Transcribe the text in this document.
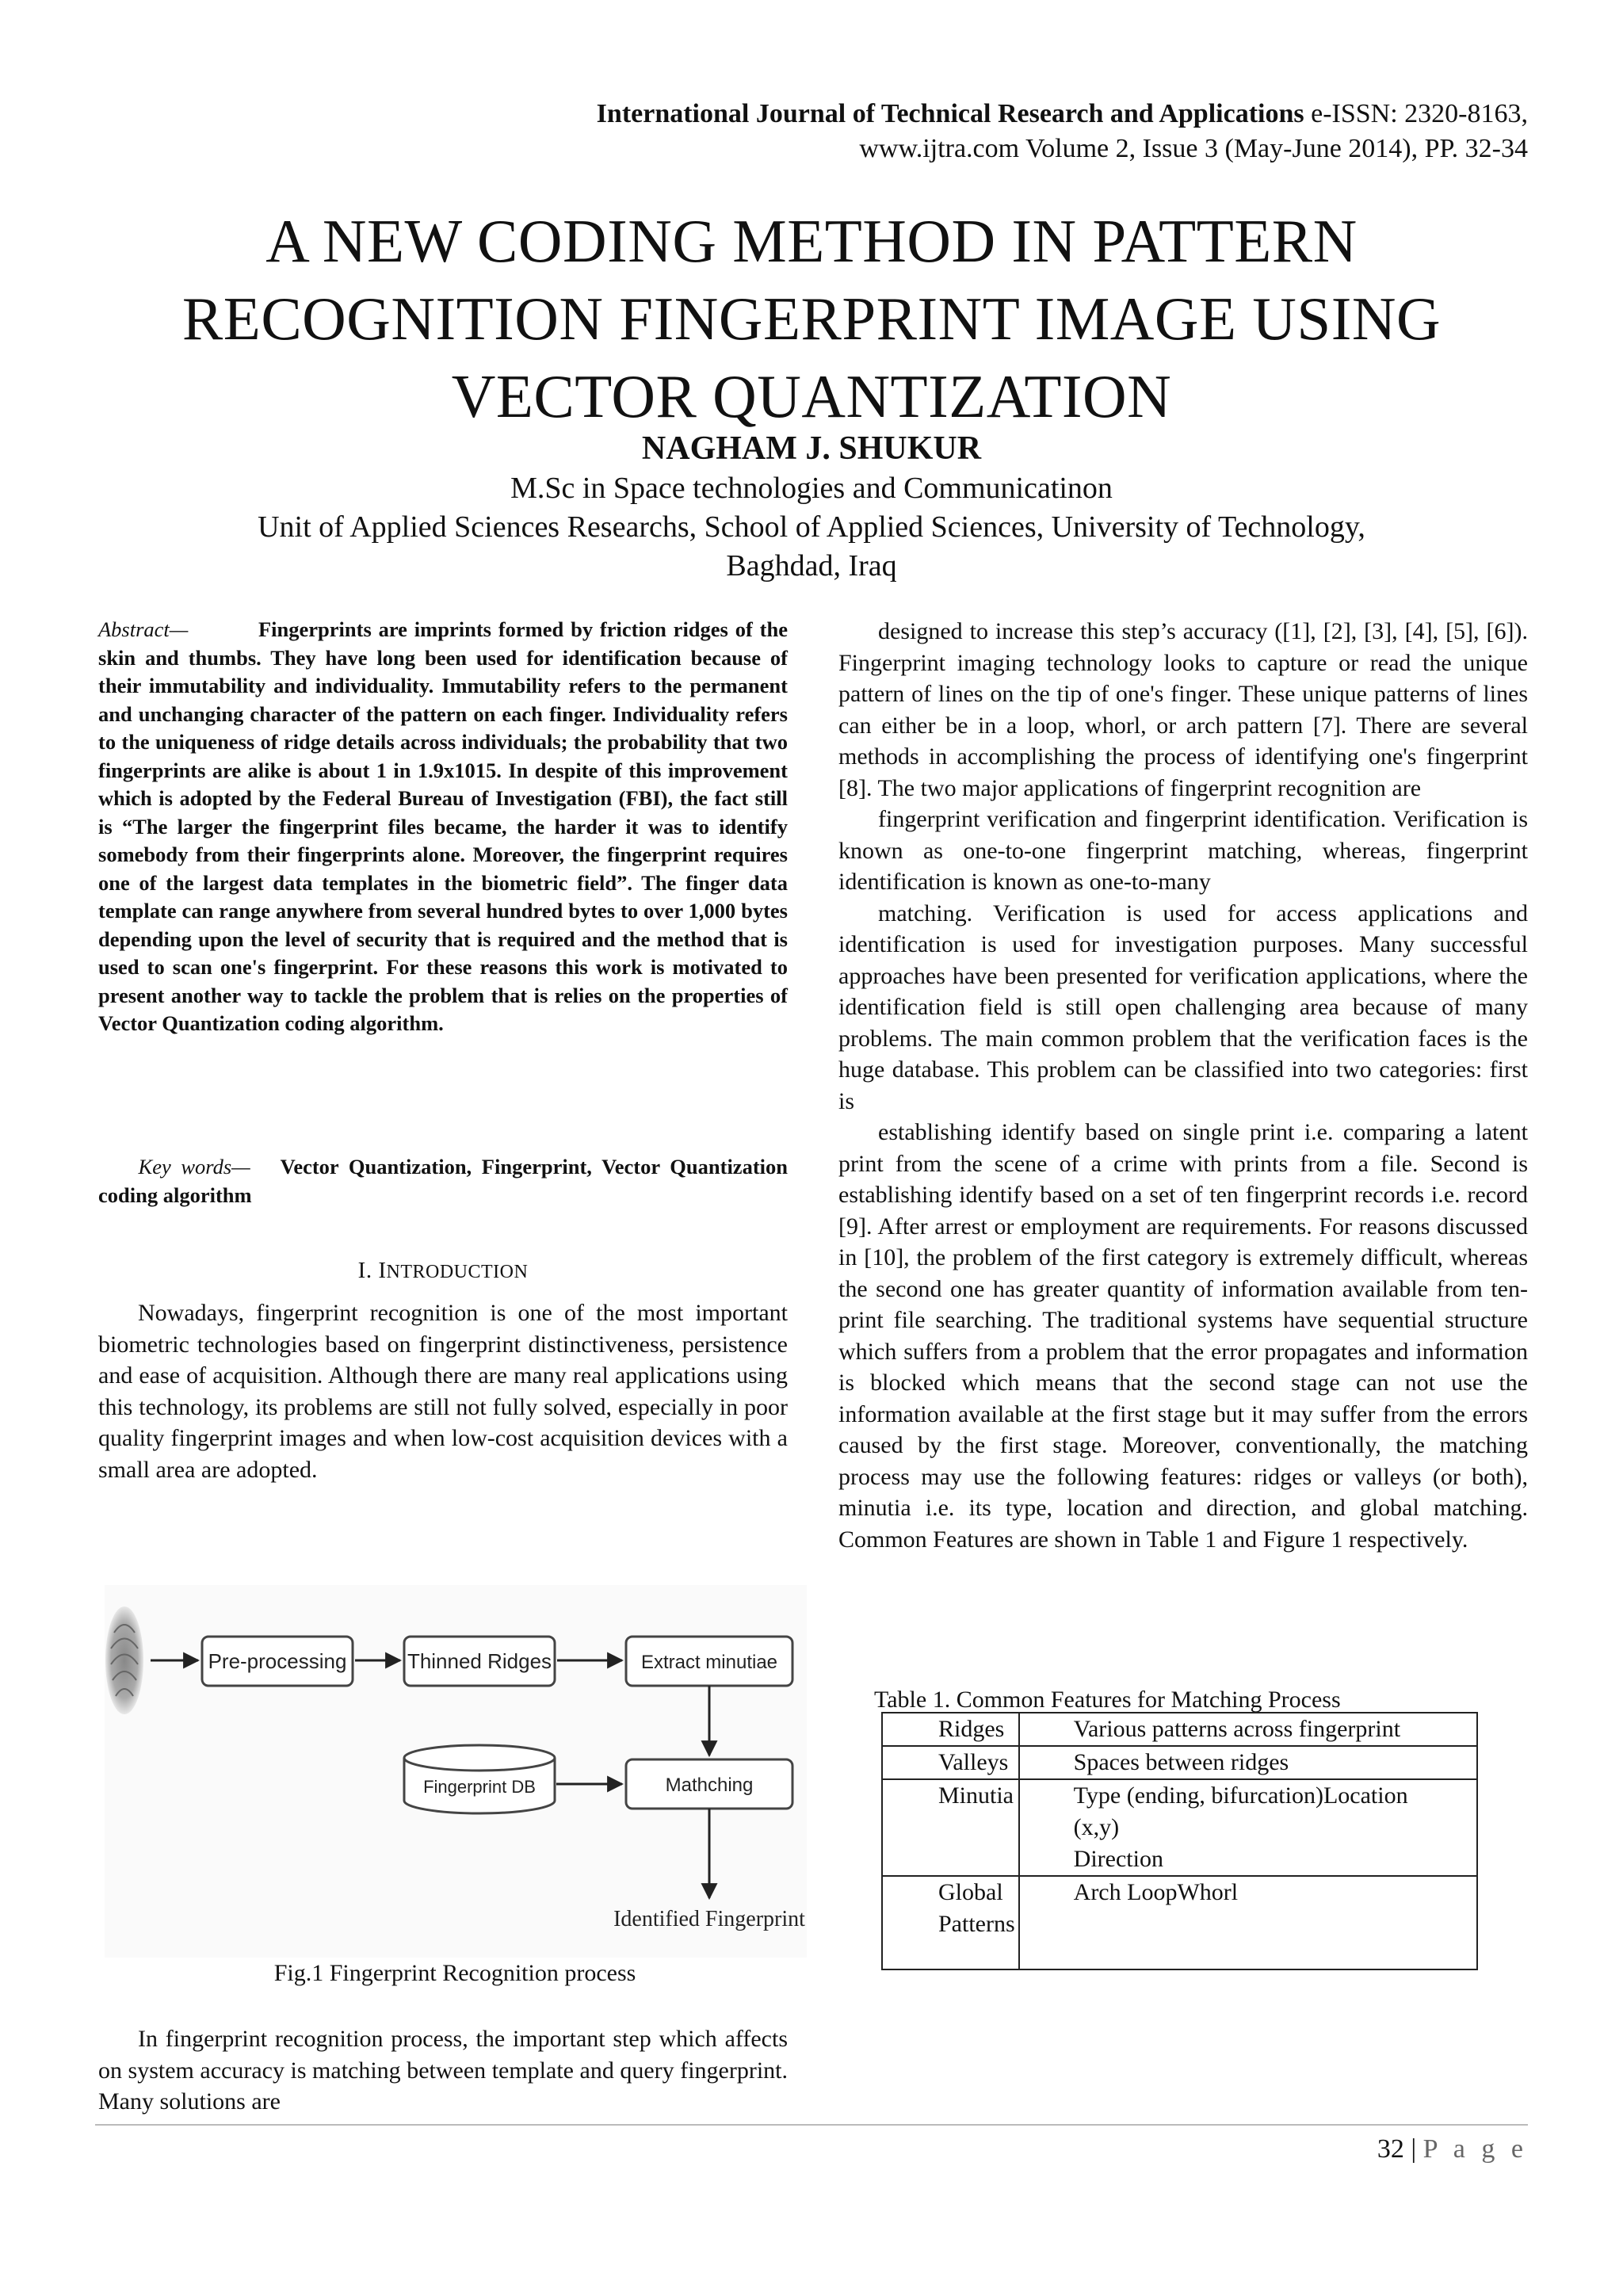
International Journal of Technical Research and Applications e-ISSN: 2320-8163,
www.ijtra.com Volume 2, Issue 3 (May-June 2014), PP. 32-34
A NEW CODING METHOD IN PATTERN
RECOGNITION FINGERPRINT IMAGE USING
VECTOR QUANTIZATION
NAGHAM J. SHUKUR
M.Sc in Space technologies and Communicatinon
Unit of Applied Sciences Researchs, School of Applied Sciences, University of Technology,
Baghdad, Iraq
Abstract—	Fingerprints are imprints formed by friction ridges of the skin and thumbs. They have long been used for identification because of their immutability and individuality. Immutability refers to the permanent and unchanging character of the pattern on each finger. Individuality refers to the uniqueness of ridge details across individuals; the probability that two fingerprints are alike is about 1 in 1.9x1015. In despite of this improvement which is adopted by the Federal Bureau of Investigation (FBI), the fact still is “The larger the fingerprint files became, the harder it was to identify somebody from their fingerprints alone. Moreover, the fingerprint requires one of the largest data templates in the biometric field”. The finger data template can range anywhere from several hundred bytes to over 1,000 bytes depending upon the level of security that is required and the method that is used to scan one's fingerprint. For these reasons this work is motivated to present another way to tackle the problem that is relies on the properties of Vector Quantization coding algorithm.
Key words— Vector Quantization, Fingerprint, Vector Quantization coding algorithm
I. INTRODUCTION

Nowadays, fingerprint recognition is one of the most important biometric technologies based on fingerprint distinctiveness, persistence and ease of acquisition. Although there are many real applications using this technology, its problems are still not fully solved, especially in poor quality fingerprint images and when low-cost acquisition devices with a small area are adopted.

Pre-processing	Thinned Ridges	Extract minutiae
Mathching
Fingerprint DB
Identified Fingerprint
Fig.1 Fingerprint Recognition process

In fingerprint recognition process, the important step which affects on system accuracy is matching between template and query fingerprint. Many solutions are

designed to increase this step’s accuracy ([1], [2], [3], [4], [5], [6]). Fingerprint imaging technology looks to capture or read the unique pattern of lines on the tip of one's finger. These unique patterns of lines can either be in a loop, whorl, or arch pattern [7]. There are several methods in accomplishing the process of identifying one's fingerprint [8]. The two major applications of fingerprint recognition are

fingerprint verification and fingerprint identification. Verification is known as one-to-one fingerprint matching, whereas, fingerprint identification is known as one-to-many

matching. Verification is used for access applications and identification is used for investigation purposes. Many successful approaches have been presented for verification applications, where the identification field is still open challenging area because of many problems. The main common problem that the verification faces is the huge database. This problem can be classified into two categories: first is

establishing identify based on single print i.e. comparing a latent print from the scene of a crime with prints from a file. Second is establishing identify based on a set of ten fingerprint records i.e. record [9]. After arrest or employment are requirements. For reasons discussed in [10], the problem of the first category is extremely difficult, whereas the second one has greater quantity of information available from ten-print file searching. The traditional systems have sequential structure which suffers from a problem that the error propagates and information is blocked which means that the second stage can not use the information available at the first stage but it may suffer from the errors caused by the first stage. Moreover, conventionally, the matching process may use the following features: ridges or valleys (or both), minutia i.e. its type, location and direction, and global matching. Common Features are shown in Table 1 and Figure 1 respectively.

Table 1. Common Features for Matching Process
Ridges	Various patterns across fingerprint
Valleys	Spaces between ridges
Minutia	Type (ending, bifurcation)Location
(x,y)
Direction

Global Patterns	Arch LoopWhorl
32 | P a g e
